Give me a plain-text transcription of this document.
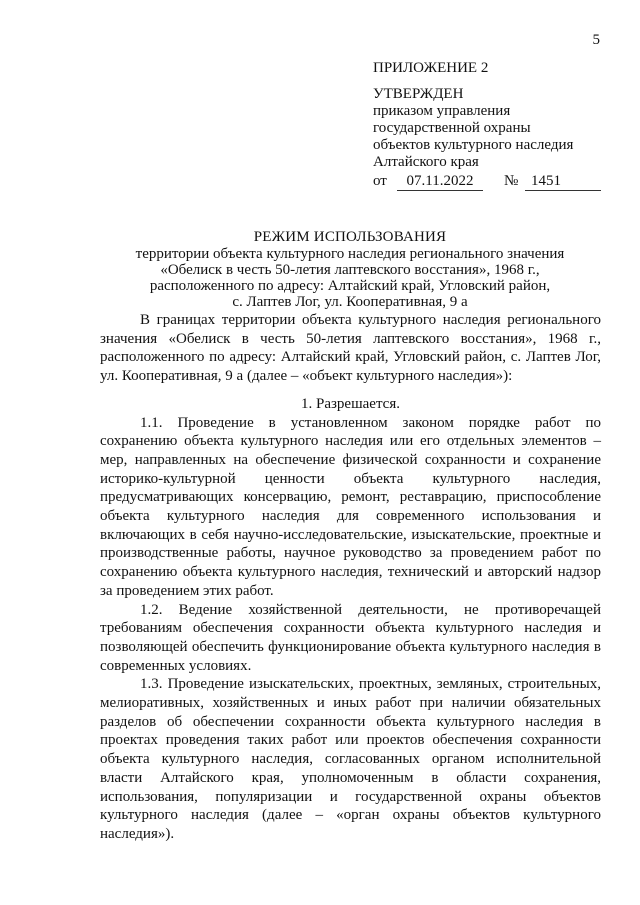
5
ПРИЛОЖЕНИЕ 2
УТВЕРЖДЕН
приказом управления
государственной охраны
объектов культурного наследия
Алтайского края
от	07.11.2022	№ 1451
РЕЖИМ ИСПОЛЬЗОВАНИЯ
территории объекта культурного наследия регионального значения
«Обелиск в честь 50-летия лаптевского восстания», 1968 г.,
расположенного по адресу: Алтайский край, Угловский район,
с. Лаптев Лог, ул. Кооперативная, 9 а

В границах территории объекта культурного наследия регионального значения «Обелиск в честь 50-летия лаптевского восстания», 1968 г., расположенного по адресу: Алтайский край, Угловский район, с. Лаптев Лог, ул. Кооперативная, 9 а (далее – «объект культурного наследия»):

1. Разрешается.

1.1. Проведение в установленном законом порядке работ по сохранению объекта культурного наследия или его отдельных элементов – мер, направленных на обеспечение физической сохранности и сохранение историко-культурной ценности объекта культурного наследия, предусматривающих консервацию, ремонт, реставрацию, приспособление объекта культурного наследия для современного использования и включающих в себя научно-исследовательские, изыскательские, проектные и производственные работы, научное руководство за проведением работ по сохранению объекта культурного наследия, технический и авторский надзор за проведением этих работ.

1.2. Ведение хозяйственной деятельности, не противоречащей требованиям обеспечения сохранности объекта культурного наследия и позволяющей обеспечить функционирование объекта культурного наследия в современных условиях.

1.3. Проведение изыскательских, проектных, земляных, строительных, мелиоративных, хозяйственных и иных работ при наличии обязательных разделов об обеспечении сохранности объекта культурного наследия в проектах проведения таких работ или проектов обеспечения сохранности объекта культурного наследия, согласованных органом исполнительной власти Алтайского края, уполномоченным в области сохранения, использования, популяризации и государственной охраны объектов культурного наследия (далее – «орган охраны объектов культурного наследия»).
